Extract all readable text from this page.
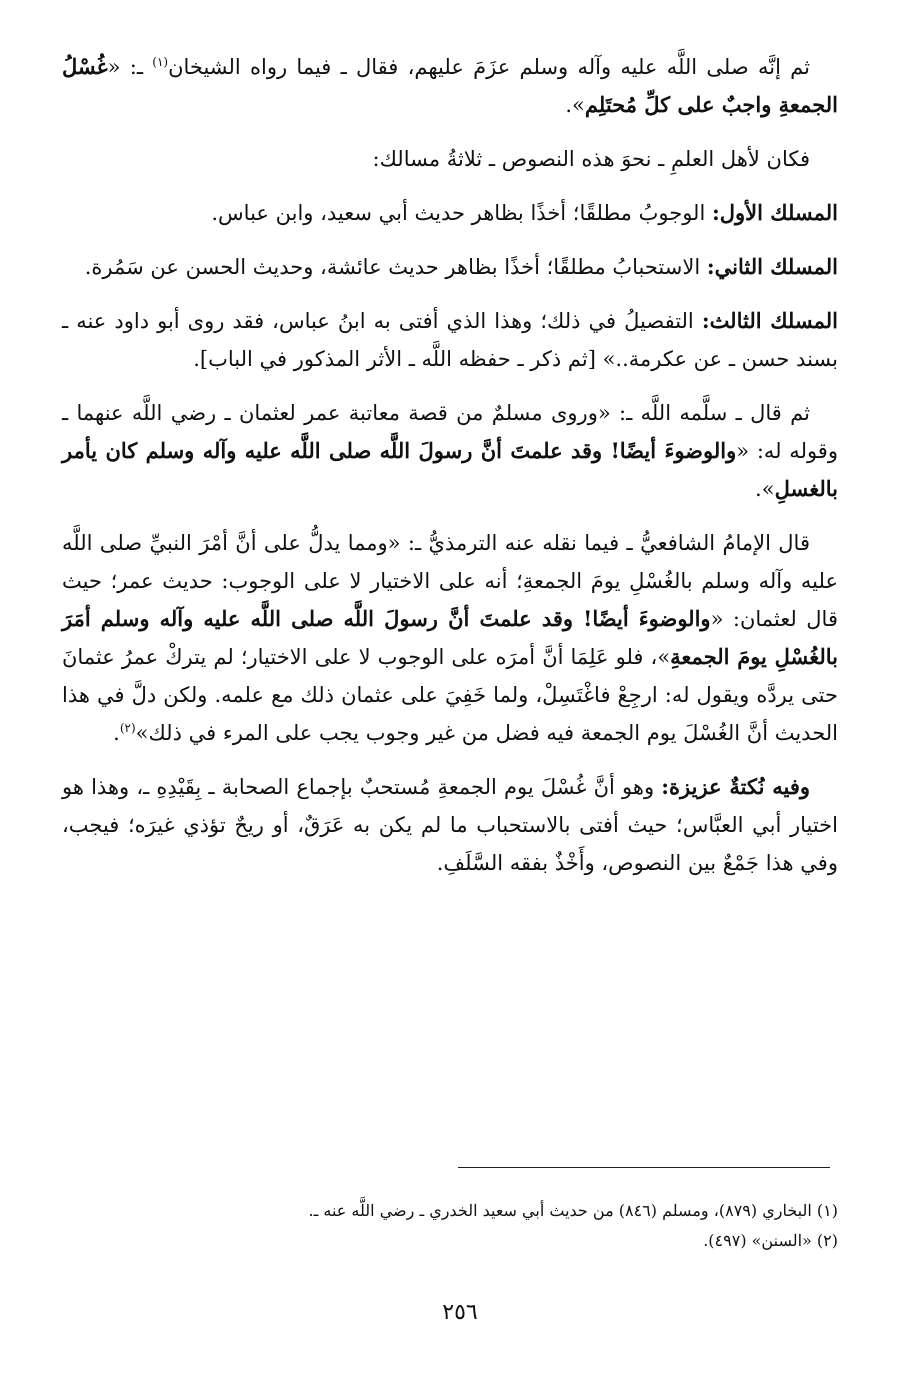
ثم إنَّه صلى اللَّه عليه وآله وسلم عزَمَ عليهم، فقال ـ فيما رواه الشيخان$^{(١)}$ ـ: «غُسْلُ الجمعةِ واجبٌ على كلِّ مُحتَلِم».

فكان لأهل العلمِ ـ نحوَ هذه النصوص ـ ثلاثةُ مسالك:

المسلك الأول: الوجوبُ مطلقًا؛ أخذًا بظاهر حديث أبي سعيد، وابن عباس.

المسلك الثاني: الاستحبابُ مطلقًا؛ أخذًا بظاهر حديث عائشة، وحديث الحسن عن سَمُرة.

المسلك الثالث: التفصيلُ في ذلك؛ وهذا الذي أفتى به ابنُ عباس، فقد روى أبو داود عنه ـ بسند حسن ـ عن عكرمة..» [ثم ذكر ـ حفظه اللَّه ـ الأثر المذكور في الباب].

ثم قال ـ سلَّمه اللَّه ـ: «وروى مسلمٌ من قصة معاتبة عمر لعثمان ـ رضي اللَّه عنهما ـ وقوله له: «والوضوءَ أيضًا! وقد علمتَ أنَّ رسولَ اللَّه صلى اللَّه عليه وآله وسلم كان يأمر بالغسلِ».

قال الإمامُ الشافعيُّ ـ فيما نقله عنه الترمذيُّ ـ: «ومما يدلُّ على أنَّ أمْرَ النبيِّ صلى اللَّه عليه وآله وسلم بالغُسْلِ يومَ الجمعةِ؛ أنه على الاختيار لا على الوجوب: حديث عمر؛ حيث قال لعثمان: «والوضوءَ أيضًا! وقد علمتَ أنَّ رسولَ اللَّه صلى اللَّه عليه وآله وسلم أمَرَ بالغُسْلِ يومَ الجمعةِ»، فلو عَلِمَا أنَّ أمرَه على الوجوب لا على الاختيار؛ لم يتركْ عمرُ عثمانَ حتى يردَّه ويقول له: ارجِعْ فاغْتَسِلْ، ولما خَفِيَ على عثمان ذلك مع علمه. ولكن دلَّ في هذا الحديث أنَّ الغُسْلَ يوم الجمعة فيه فضل من غير وجوب يجب على المرء في ذلك»$^{(٢)}$.

وفيه نُكتةٌ عزيزة: وهو أنَّ غُسْلَ يوم الجمعةِ مُستحبٌ بإجماع الصحابة ـ بِقَيْدِهِ ـ، وهذا هو اختيار أبي العبَّاس؛ حيث أفتى بالاستحباب ما لم يكن به عَرَقٌ، أو ريحٌ تؤذي غيرَه؛ فيجب، وفي هذا جَمْعٌ بين النصوص، وأَخْذٌ بفقه السَّلَفِ.

(١) البخاري (٨٧٩)، ومسلم (٨٤٦) من حديث أبي سعيد الخدري ـ رضي اللَّه عنه ـ.

(٢) «السنن» (٤٩٧).

٢٥٦
